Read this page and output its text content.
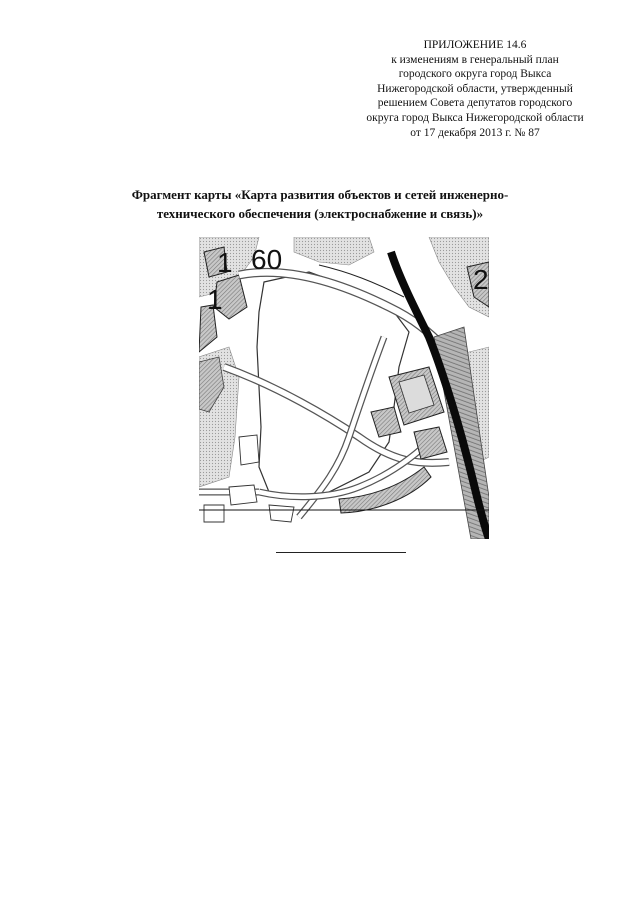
ПРИЛОЖЕНИЕ 14.6
к изменениям в генеральный план
городского округа город Выкса
Нижегородской области, утвержденный
решением Совета депутатов городского
округа город Выкса Нижегородской области
от 17 декабря 2013 г. № 87
Фрагмент карты «Карта развития объектов и сетей инженерно-
технического обеспечения (электроснабжение и связь)»
60
1
1
2
